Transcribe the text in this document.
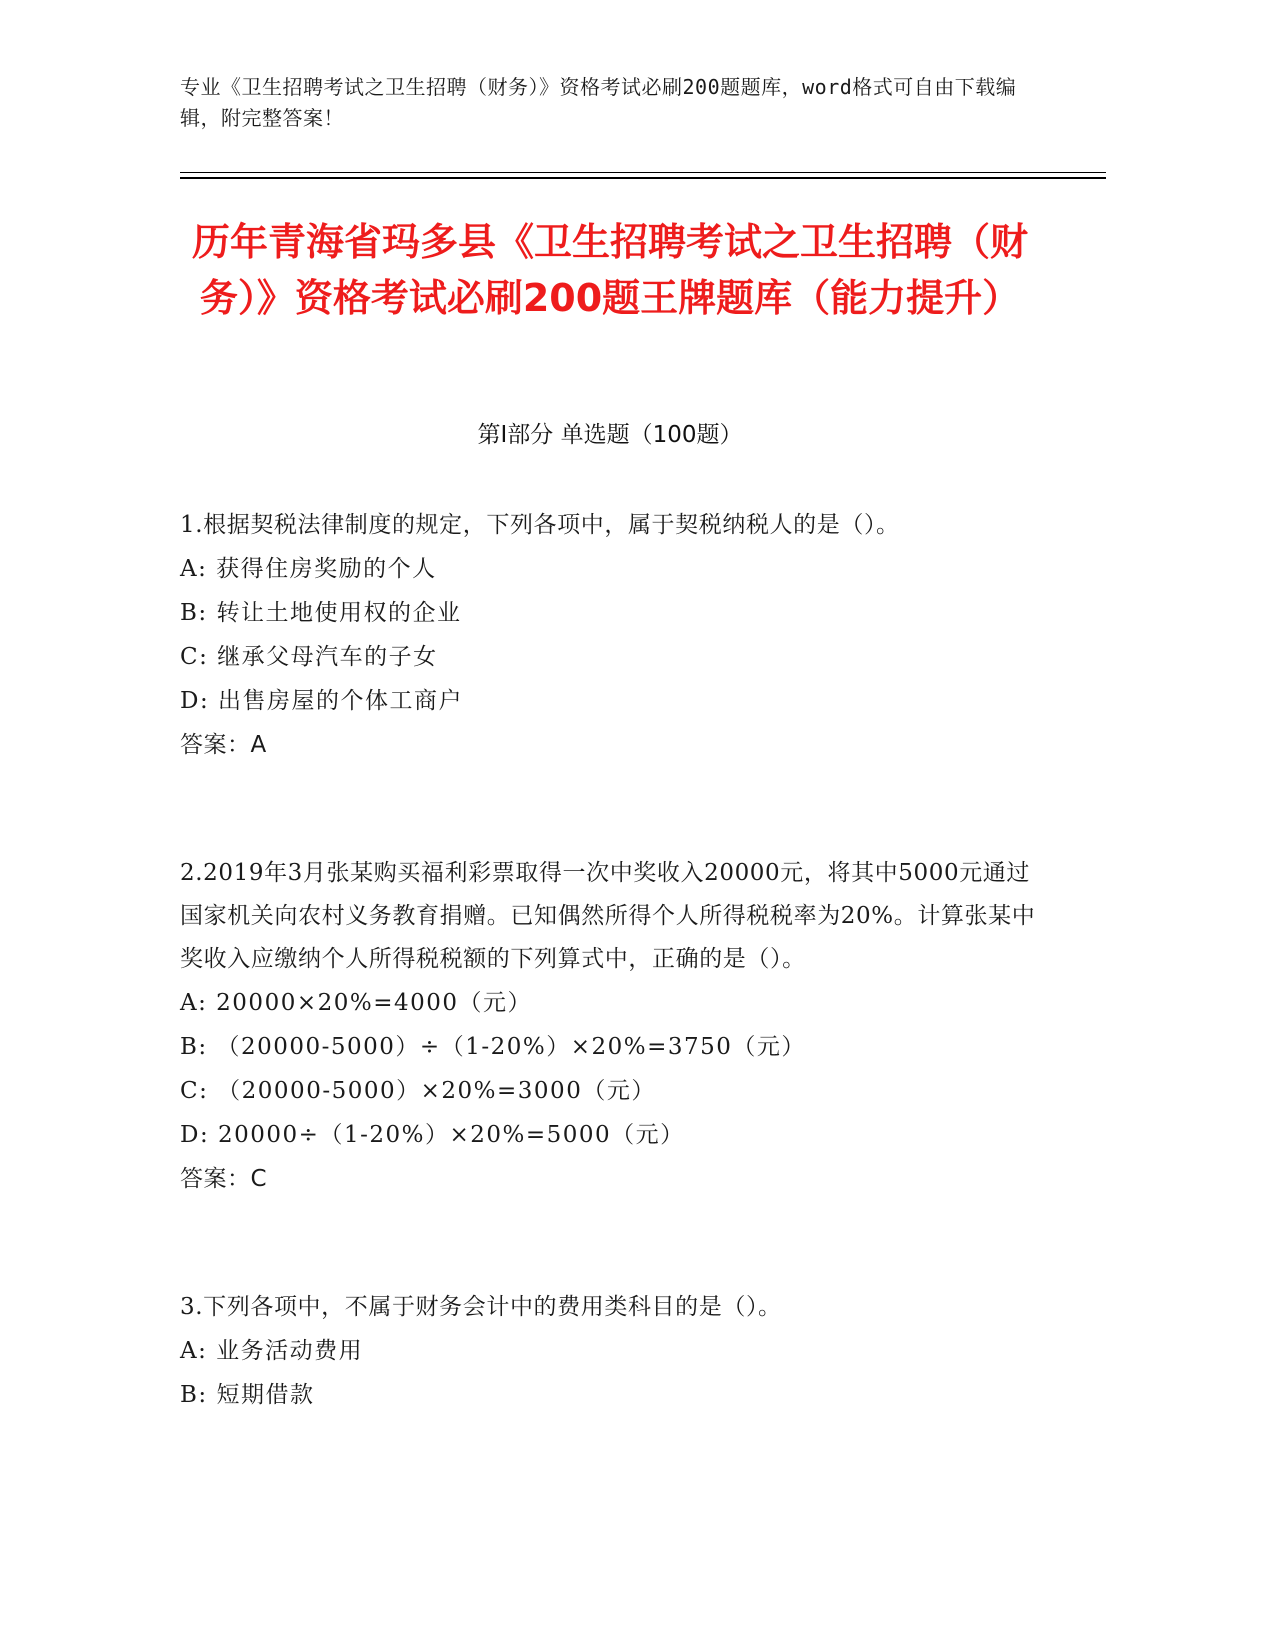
专业《卫生招聘考试之卫生招聘（财务）》资格考试必刷200题题库，word格式可自由下载编辑，附完整答案！
历年青海省玛多县《卫生招聘考试之卫生招聘（财务）》资格考试必刷200题王牌题库（能力提升）
第Ⅰ部分 单选题（100题）

1.根据契税法律制度的规定，下列各项中，属于契税纳税人的是（）。

A: 获得住房奖励的个人

B: 转让土地使用权的企业

C: 继承父母汽车的子女

D: 出售房屋的个体工商户

答案：A

2.2019年3月张某购买福利彩票取得一次中奖收入20000元，将其中5000元通过国家机关向农村义务教育捐赠。已知偶然所得个人所得税税率为20%。计算张某中奖收入应缴纳个人所得税税额的下列算式中，正确的是（）。

A: 20000×20%=4000（元）

B: （20000-5000）÷（1-20%）×20%=3750（元）

C: （20000-5000）×20%=3000（元）

D: 20000÷（1-20%）×20%=5000（元）

答案：C

3.下列各项中，不属于财务会计中的费用类科目的是（）。

A: 业务活动费用

B: 短期借款
